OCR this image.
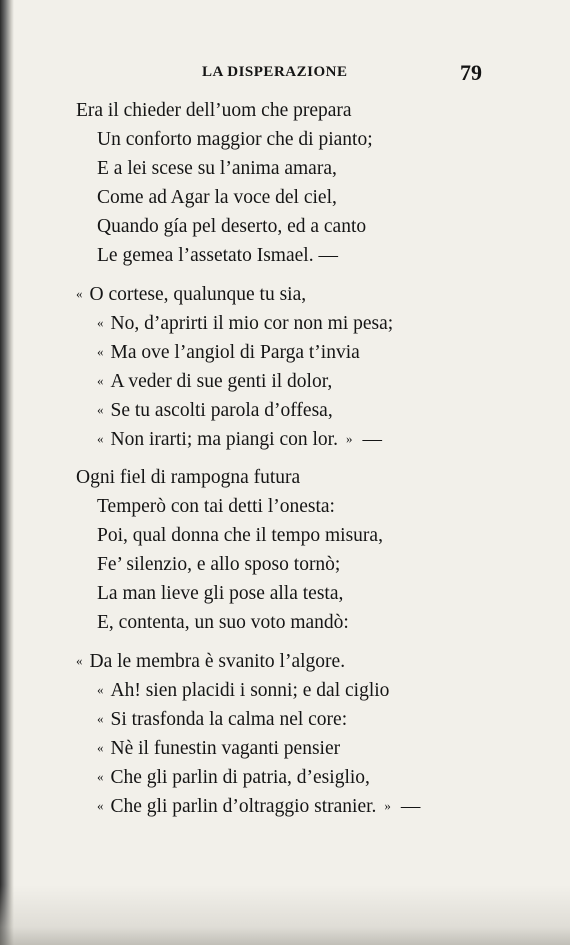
LA DISPERAZIONE	79
Era il chieder dell’uom che prepara
Un conforto maggior che di pianto;
E a lei scese su l’anima amara,
Come ad Agar la voce del ciel,
Quando gía pel deserto, ed a canto
Le gemea l’assetato Ismael. —
« O cortese, qualunque tu sia,
« No, d’aprirti il mio cor non mi pesa;
« Ma ove l’angiol di Parga t’invia
« A veder di sue genti il dolor,
« Se tu ascolti parola d’offesa,
« Non irarti; ma piangi con lor. » —
Ogni fiel di rampogna futura
Temperò con tai detti l’onesta:
Poi, qual donna che il tempo misura,
Fe’ silenzio, e allo sposo tornò;
La man lieve gli pose alla testa,
E, contenta, un suo voto mandò:
« Da le membra è svanito l’algore.
« Ah! sien placidi i sonni; e dal ciglio
« Si trasfonda la calma nel core:
« Nè il funestin vaganti pensier
« Che gli parlin di patria, d’esiglio,
« Che gli parlin d’oltraggio stranier. » —
